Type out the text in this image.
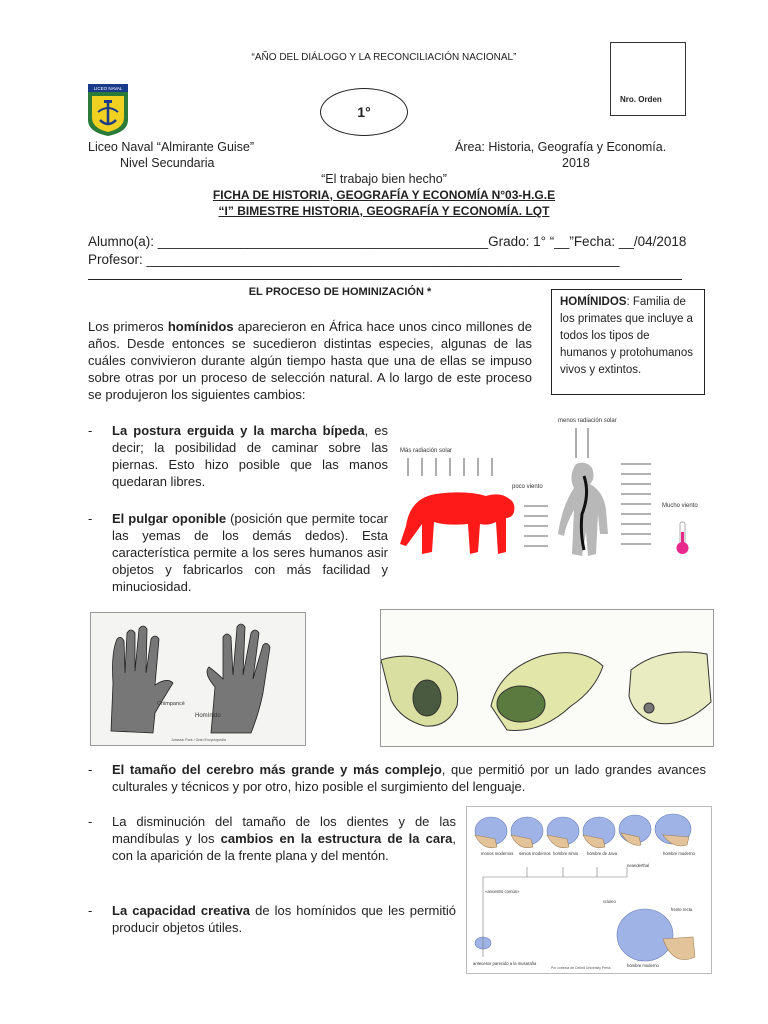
“AÑO DEL DIÁLOGO Y LA RECONCILIACIÓN NACIONAL”
Nro. Orden
LICEO NAVAL
1°
Liceo Naval “Almirante Guise”
Nivel Secundaria
Área: Historia, Geografía y Economía.
2018
“El trabajo bien hecho”
FICHA DE HISTORIA, GEOGRAFÍA Y ECONOMÍA N°03-H.G.E
“I” BIMESTRE HISTORIA, GEOGRAFÍA Y ECONOMÍA. LQT
Alumno(a): ____________________________________________Grado: 1° “__”Fecha: __/04/2018
Profesor: _______________________________________________________________
EL PROCESO DE HOMINIZACIÓN *
HOMÍNIDOS: Familia de los primates que incluye a todos los tipos de humanos y protohumanos vivos y extintos.
Los primeros homínidos aparecieron en África hace unos cinco millones de años. Desde entonces se sucedieron distintas especies, algunas de las cuáles convivieron durante algún tiempo hasta que una de ellas se impuso sobre otras por un proceso de selección natural. A lo largo de este proceso se produjeron los siguientes cambios:
- La postura erguida y la marcha bípeda, es decir; la posibilidad de caminar sobre las piernas. Esto hizo posible que las manos quedaran libres.
- El pulgar oponible (posición que permite tocar las yemas de los demás dedos). Esta característica permite a los seres humanos asir objetos y fabricarlos con más facilidad y minuciosidad.
menos radiación solar
Más radiación solar
poco viento
Mucho viento
Chimpancé
Homínido
Jurassic Park / Gran Encyclopedia
- El tamaño del cerebro más grande y más complejo, que permitió por un lado grandes avances culturales y técnicos y por otro, hizo posible el surgimiento del lenguaje.
- La disminución del tamaño de los dientes y de las mandíbulas y los cambios en la estructura de la cara, con la aparición de la frente plana y del mentón.
- La capacidad creativa de los homínidos que les permitió producir objetos útiles.
monos modernos simios modernos hombre simio hombre de Java	hombre moderno
neanderthal
«ancestro común»
cráneo
frente recta
hombre moderno
antecesor parecido a la musaraña
Por cortesía de Oxford University Press
